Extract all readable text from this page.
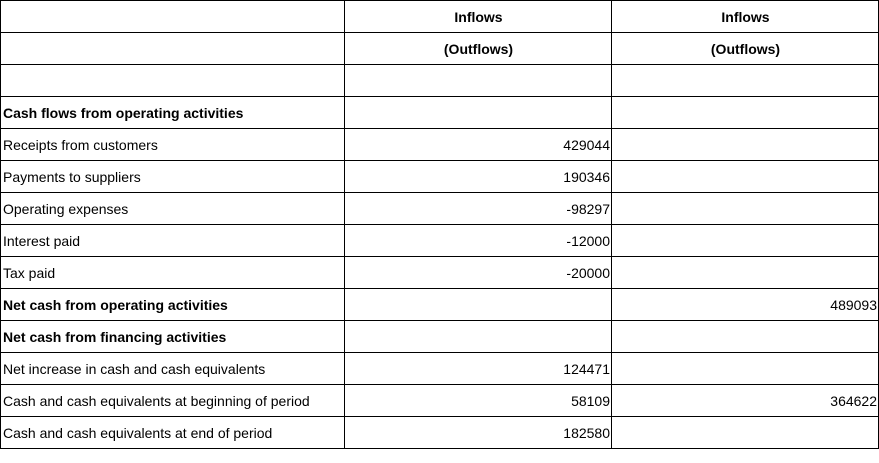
	Inflows	Inflows
	(Outflows)	(Outflows)

Cash flows from operating activities		
Receipts from customers	429044	
Payments to suppliers	190346	
Operating expenses	-98297	
Interest paid	-12000	
Tax paid	-20000	
Net cash from operating activities		489093
Net cash from financing activities		
Net increase in cash and cash equivalents	124471	
Cash and cash equivalents at beginning of period	58109	364622
Cash and cash equivalents at end of period	182580	
